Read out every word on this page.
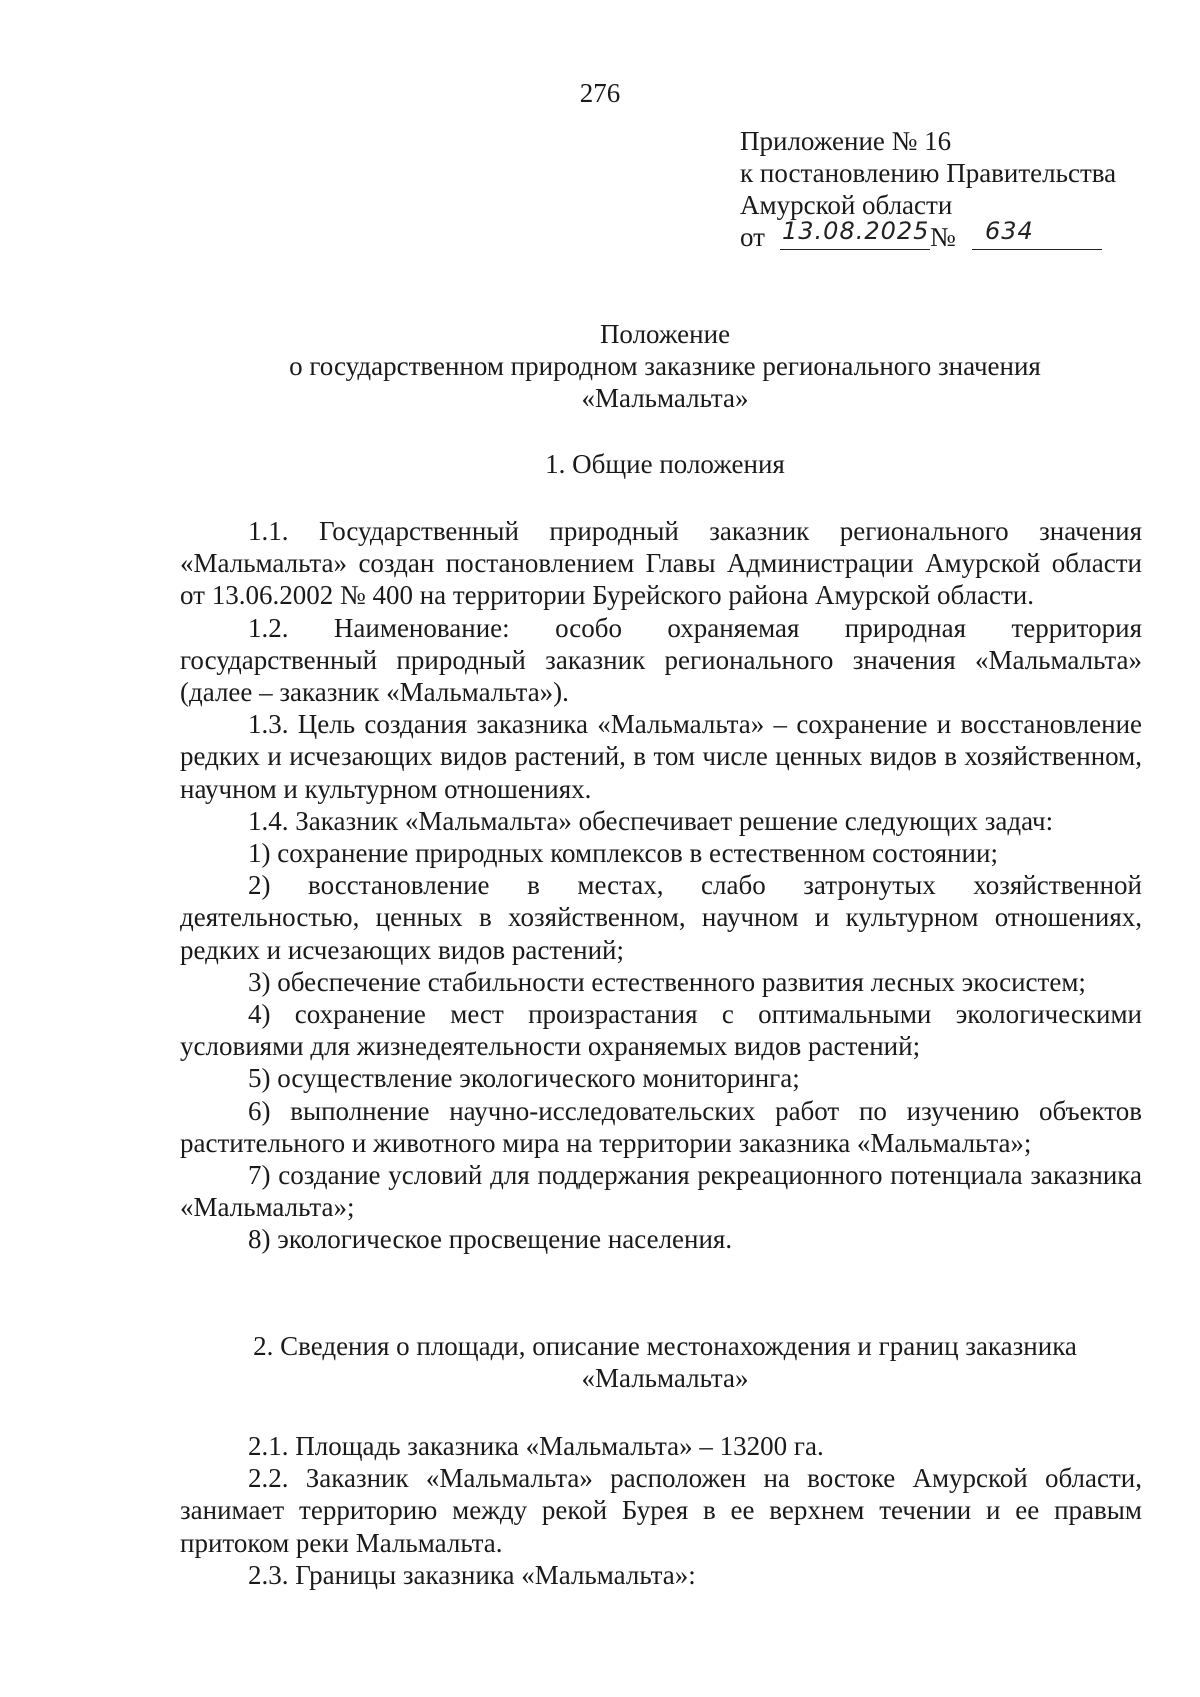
276
Приложение № 16
к постановлению Правительства
Амурской области
от 13.08.2025 № 634
Положение
о государственном природном заказнике регионального значения
«Мальмальта»
1. Общие положения

1.1. Государственный природный заказник регионального значения «Мальмальта» создан постановлением Главы Администрации Амурской области от 13.06.2002 № 400 на территории Бурейского района Амурской области.

1.2. Наименование: особо охраняемая природная территория государственный природный заказник регионального значения «Мальмальта» (далее – заказник «Мальмальта»).

1.3. Цель создания заказника «Мальмальта» – сохранение и восстановление редких и исчезающих видов растений, в том числе ценных видов в хозяйственном, научном и культурном отношениях.

1.4. Заказник «Мальмальта» обеспечивает решение следующих задач:

1) сохранение природных комплексов в естественном состоянии;

2) восстановление в местах, слабо затронутых хозяйственной деятельностью, ценных в хозяйственном, научном и культурном отношениях, редких и исчезающих видов растений;

3) обеспечение стабильности естественного развития лесных экосистем;

4) сохранение мест произрастания с оптимальными экологическими условиями для жизнедеятельности охраняемых видов растений;

5) осуществление экологического мониторинга;

6) выполнение научно-исследовательских работ по изучению объектов растительного и животного мира на территории заказника «Мальмальта»;

7) создание условий для поддержания рекреационного потенциала заказника «Мальмальта»;

8) экологическое просвещение населения.

2. Сведения о площади, описание местонахождения и границ заказника
«Мальмальта»

2.1. Площадь заказника «Мальмальта» – 13200 га.

2.2. Заказник «Мальмальта» расположен на востоке Амурской области, занимает территорию между рекой Бурея в ее верхнем течении и ее правым притоком реки Мальмальта.

2.3. Границы заказника «Мальмальта»:
